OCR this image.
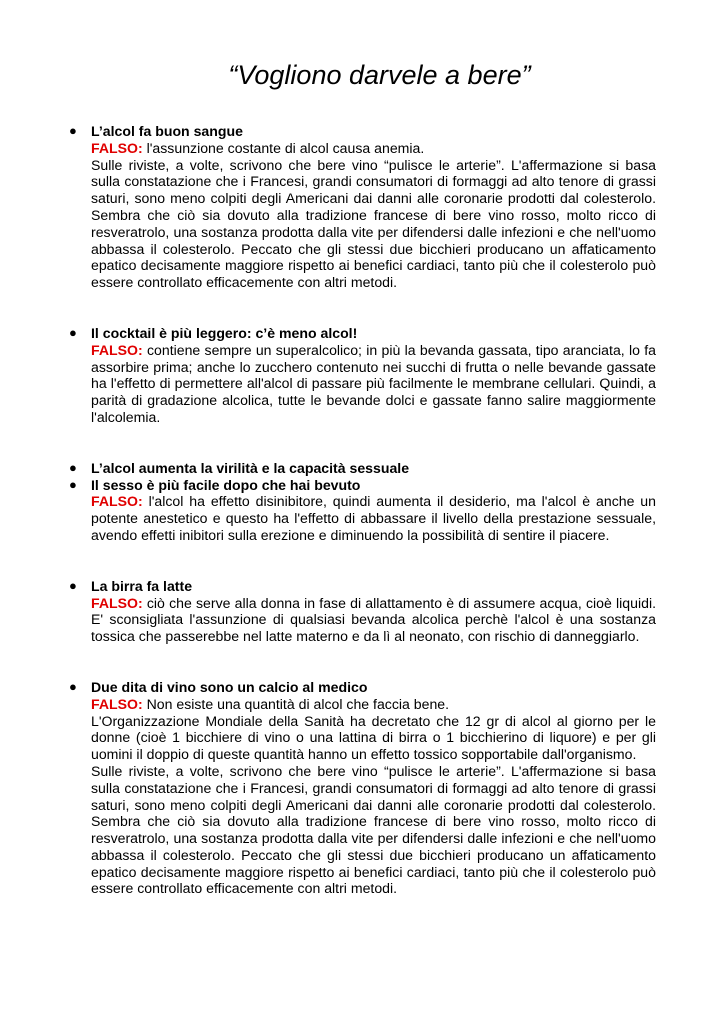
“Vogliono darvele a bere”
● L’alcol fa buon sangue

FALSO: l'assunzione costante di alcol causa anemia.

Sulle riviste, a volte, scrivono che bere vino “pulisce le arterie”. L'affermazione si basa sulla constatazione che i Francesi, grandi consumatori di formaggi ad alto tenore di grassi saturi, sono meno colpiti degli Americani dai danni alle coronarie prodotti dal colesterolo. Sembra che ciò sia dovuto alla tradizione francese di bere vino rosso, molto ricco di resveratrolo, una sostanza prodotta dalla vite per difendersi dalle infezioni e che nell'uomo abbassa il colesterolo. Peccato che gli stessi due bicchieri producano un affaticamento epatico decisamente maggiore rispetto ai benefici cardiaci, tanto più che il colesterolo può essere controllato efficacemente con altri metodi.

● Il cocktail è più leggero: c’è meno alcol!

FALSO: contiene sempre un superalcolico; in più la bevanda gassata, tipo aranciata, lo fa assorbire prima; anche lo zucchero contenuto nei succhi di frutta o nelle bevande gassate ha l'effetto di permettere all'alcol di passare più facilmente le membrane cellulari. Quindi, a parità di gradazione alcolica, tutte le bevande dolci e gassate fanno salire maggiormente l'alcolemia.

● L’alcol aumenta la virilità e la capacità sessuale
● Il sesso è più facile dopo che hai bevuto

FALSO: l'alcol ha effetto disinibitore, quindi aumenta il desiderio, ma l'alcol è anche un potente anestetico e questo ha l'effetto di abbassare il livello della prestazione sessuale, avendo effetti inibitori sulla erezione e diminuendo la possibilità di sentire il piacere.

● La birra fa latte

FALSO: ciò che serve alla donna in fase di allattamento è di assumere acqua, cioè liquidi. E' sconsigliata l'assunzione di qualsiasi bevanda alcolica perchè l'alcol è una sostanza tossica che passerebbe nel latte materno e da lì al neonato, con rischio di danneggiarlo.

● Due dita di vino sono un calcio al medico

FALSO: Non esiste una quantità di alcol che faccia bene.

L'Organizzazione Mondiale della Sanità ha decretato che 12 gr di alcol al giorno per le donne (cioè 1 bicchiere di vino o una lattina di birra o 1 bicchierino di liquore) e per gli uomini il doppio di queste quantità hanno un effetto tossico sopportabile dall'organismo.

Sulle riviste, a volte, scrivono che bere vino “pulisce le arterie”. L'affermazione si basa sulla constatazione che i Francesi, grandi consumatori di formaggi ad alto tenore di grassi saturi, sono meno colpiti degli Americani dai danni alle coronarie prodotti dal colesterolo. Sembra che ciò sia dovuto alla tradizione francese di bere vino rosso, molto ricco di resveratrolo, una sostanza prodotta dalla vite per difendersi dalle infezioni e che nell'uomo abbassa il colesterolo. Peccato che gli stessi due bicchieri producano un affaticamento epatico decisamente maggiore rispetto ai benefici cardiaci, tanto più che il colesterolo può essere controllato efficacemente con altri metodi.
